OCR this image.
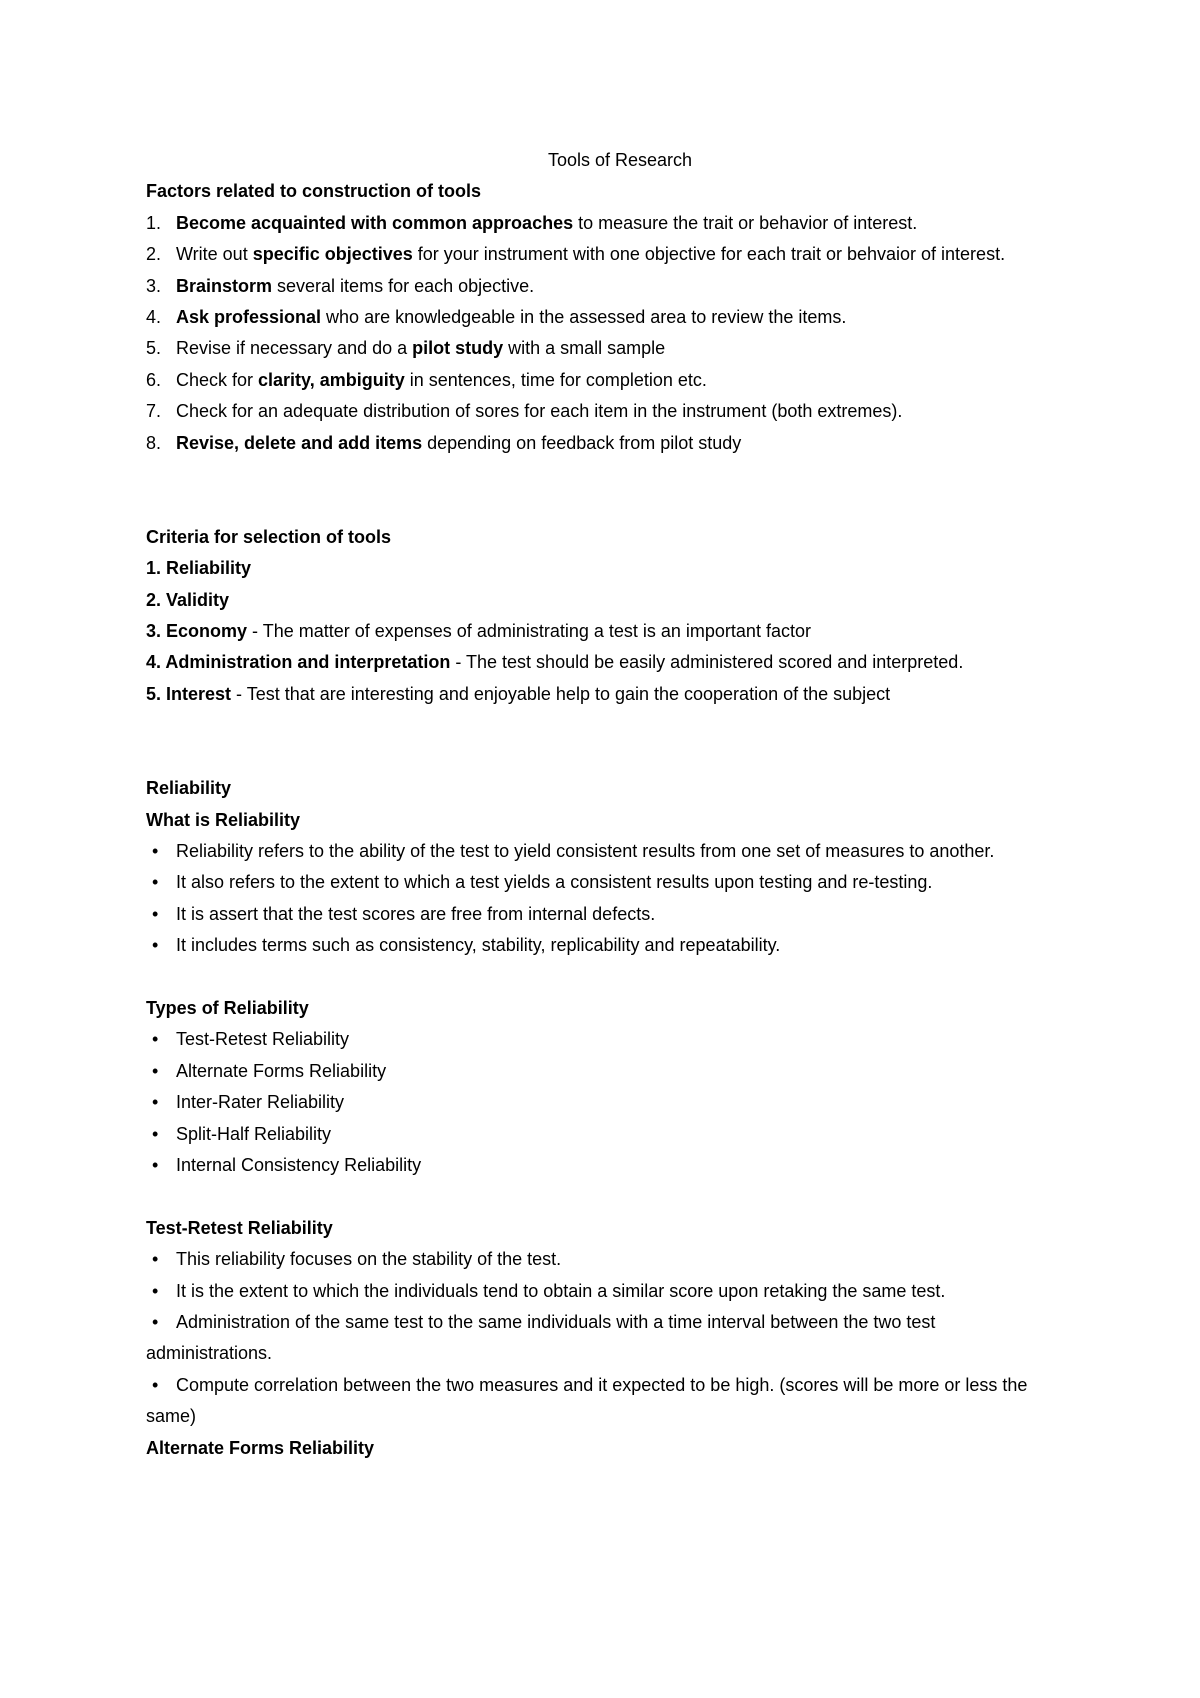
Tools of Research
Factors related to construction of tools
1. Become acquainted with common approaches to measure the trait or behavior of interest.
2. Write out specific objectives for your instrument with one objective for each trait or behvaior of interest.
3. Brainstorm several items for each objective.
4. Ask professional who are knowledgeable in the assessed area to review the items.
5. Revise if necessary and do a pilot study with a small sample
6. Check for clarity, ambiguity in sentences, time for completion etc.
7. Check for an adequate distribution of sores for each item in the instrument (both extremes).
8. Revise, delete and add items depending on feedback from pilot study
Criteria for selection of tools
1. Reliability
2. Validity
3. Economy - The matter of expenses of administrating a test is an important factor
4. Administration and interpretation - The test should be easily administered scored and interpreted.
5. Interest - Test that are interesting and enjoyable help to gain the cooperation of the subject
Reliability
What is Reliability
• Reliability refers to the ability of the test to yield consistent results from one set of measures to another.
• It also refers to the extent to which a test yields a consistent results upon testing and re-testing.
• It is assert that the test scores are free from internal defects.
• It includes terms such as consistency, stability, replicability and repeatability.
Types of Reliability
• Test-Retest Reliability
• Alternate Forms Reliability
• Inter-Rater Reliability
• Split-Half Reliability
• Internal Consistency Reliability
Test-Retest Reliability
• This reliability focuses on the stability of the test.
• It is the extent to which the individuals tend to obtain a similar score upon retaking the same test.
• Administration of the same test to the same individuals with a time interval between the two test administrations.
• Compute correlation between the two measures and it expected to be high. (scores will be more or less the same)
Alternate Forms Reliability
